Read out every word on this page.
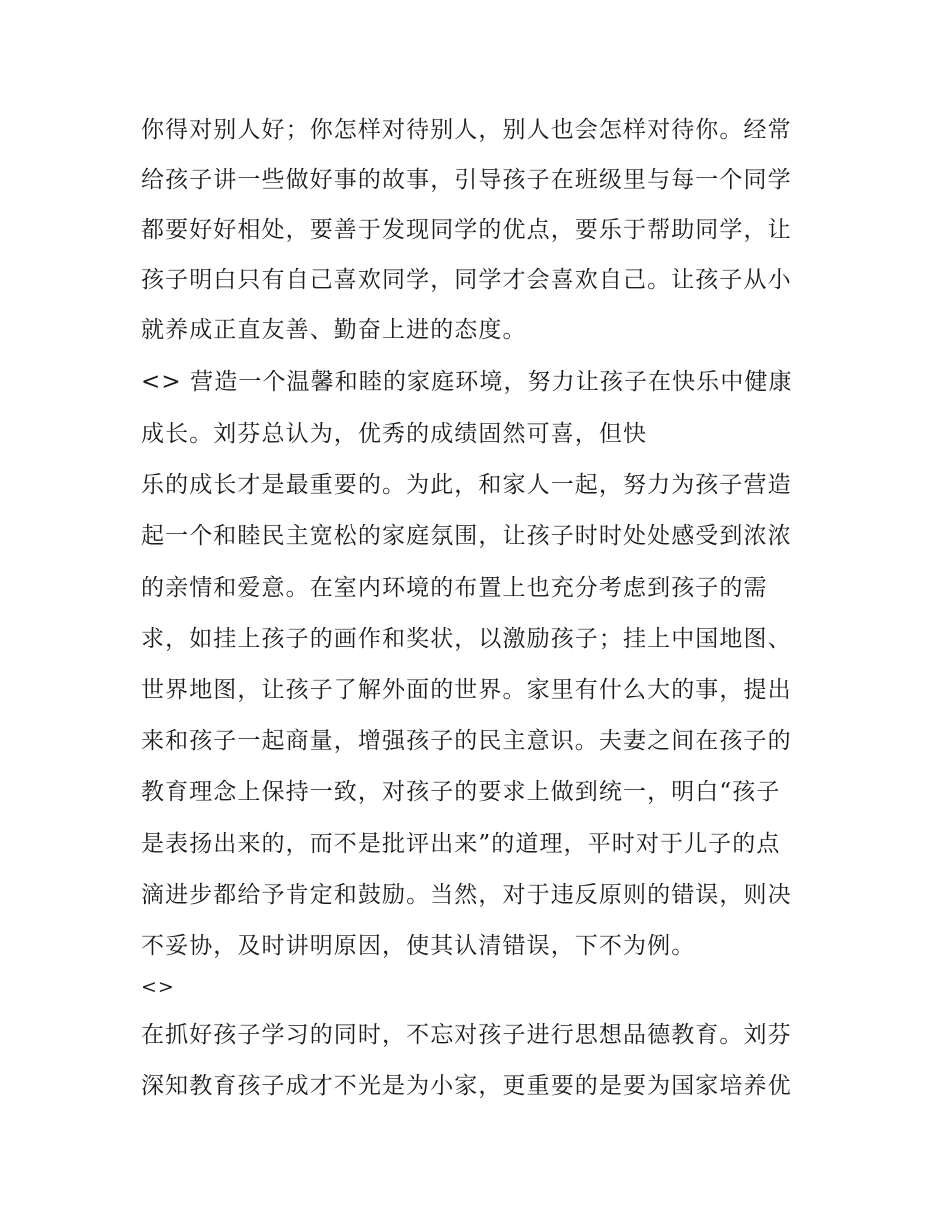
你得对别人好；你怎样对待别人，别人也会怎样对待你。经常
给孩子讲一些做好事的故事，引导孩子在班级里与每一个同学
都要好好相处，要善于发现同学的优点，要乐于帮助同学，让
孩子明白只有自己喜欢同学，同学才会喜欢自己。让孩子从小
就养成正直友善、勤奋上进的态度。
<> 营造一个温馨和睦的家庭环境，努力让孩子在快乐中健康
成长。刘芬总认为，优秀的成绩固然可喜，但快
乐的成长才是最重要的。为此，和家人一起，努力为孩子营造
起一个和睦民主宽松的家庭氛围，让孩子时时处处感受到浓浓
的亲情和爱意。在室内环境的布置上也充分考虑到孩子的需
求，如挂上孩子的画作和奖状，以激励孩子；挂上中国地图、
世界地图，让孩子了解外面的世界。家里有什么大的事，提出
来和孩子一起商量，增强孩子的民主意识。夫妻之间在孩子的
教育理念上保持一致，对孩子的要求上做到统一，明白“孩子
是表扬出来的，而不是批评出来”的道理，平时对于儿子的点
滴进步都给予肯定和鼓励。当然，对于违反原则的错误，则决
不妥协，及时讲明原因，使其认清错误，下不为例。
<>
在抓好孩子学习的同时，不忘对孩子进行思想品德教育。刘芬
深知教育孩子成才不光是为小家，更重要的是要为国家培养优
